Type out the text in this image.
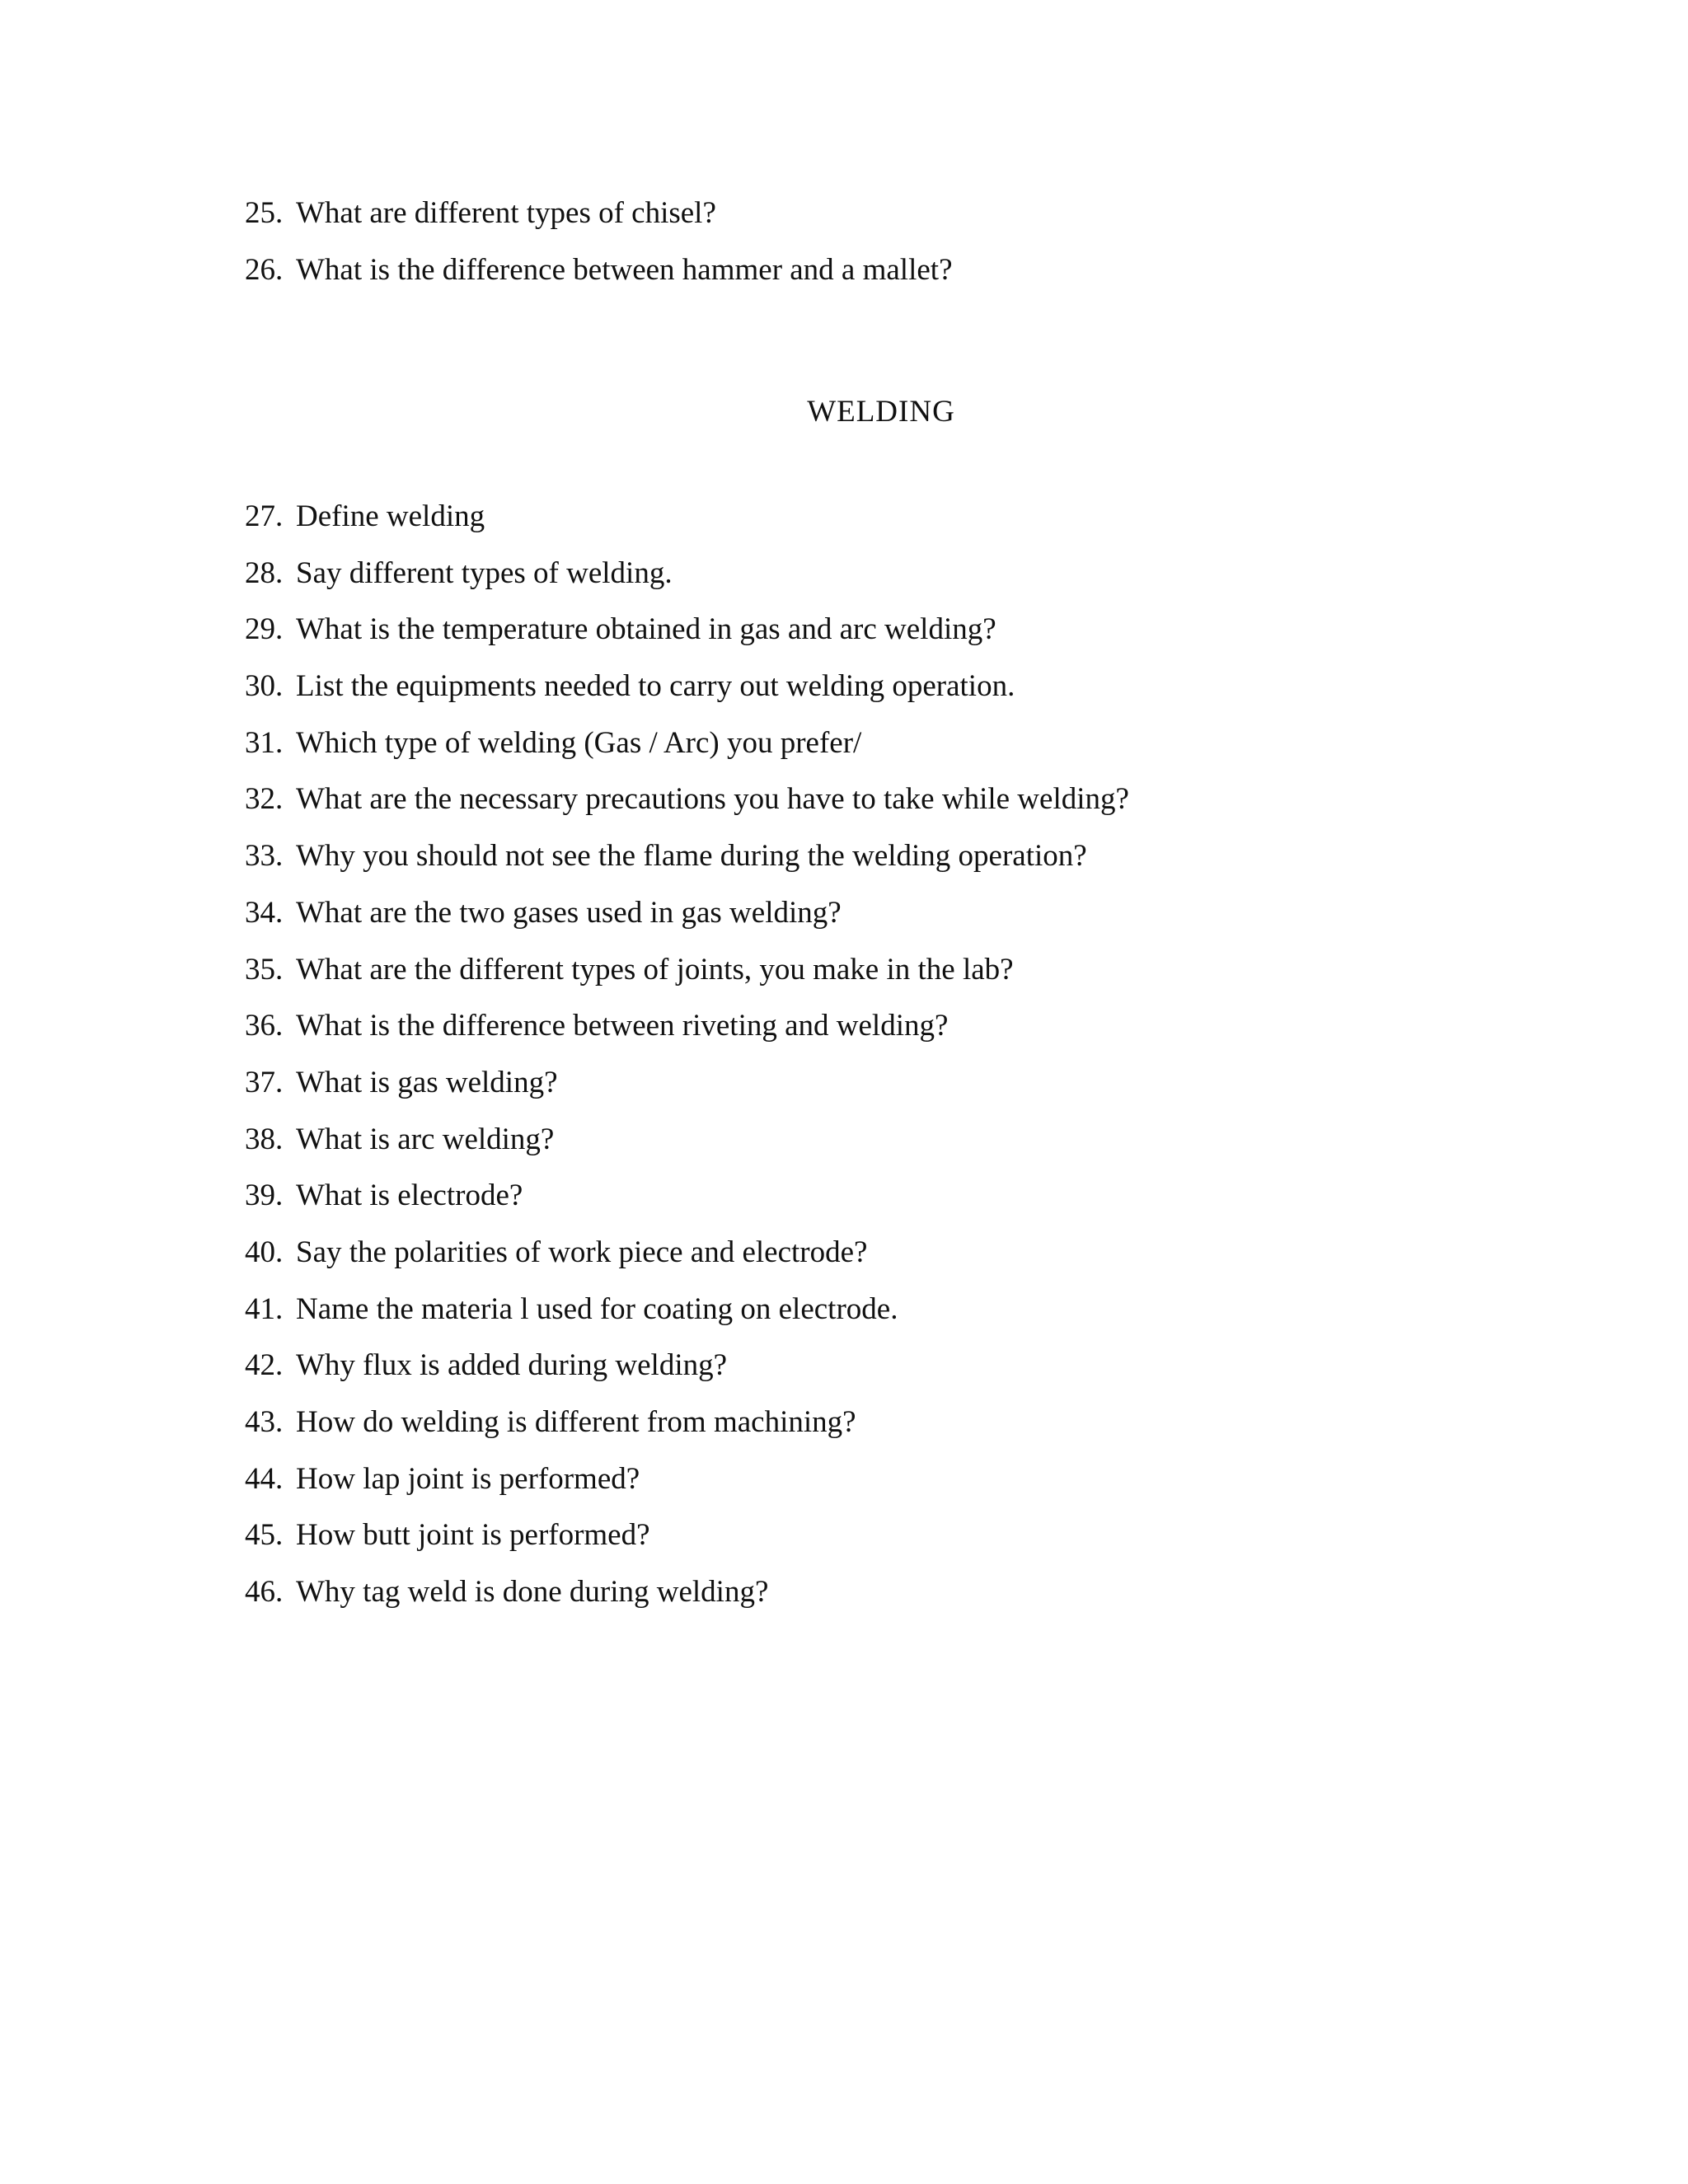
25. What are different types of chisel?
26. What is the difference between hammer and a mallet?
WELDING
27. Define welding
28. Say different types of welding.
29. What is the temperature obtained in gas and arc welding?
30. List the equipments needed to carry out welding operation.
31. Which type of welding (Gas / Arc) you prefer/
32. What are the necessary precautions you have to take while welding?
33. Why you should not see the flame during the welding operation?
34. What are the two gases used in gas welding?
35. What are the different types of joints, you make in the lab?
36. What is the difference between riveting and welding?
37. What is gas welding?
38. What is arc welding?
39. What is electrode?
40. Say the polarities of work piece and electrode?
41. Name the materia l used for coating on electrode.
42. Why flux is added during welding?
43. How do welding is different from machining?
44. How lap joint is performed?
45. How butt joint is performed?
46. Why tag weld is done during welding?
